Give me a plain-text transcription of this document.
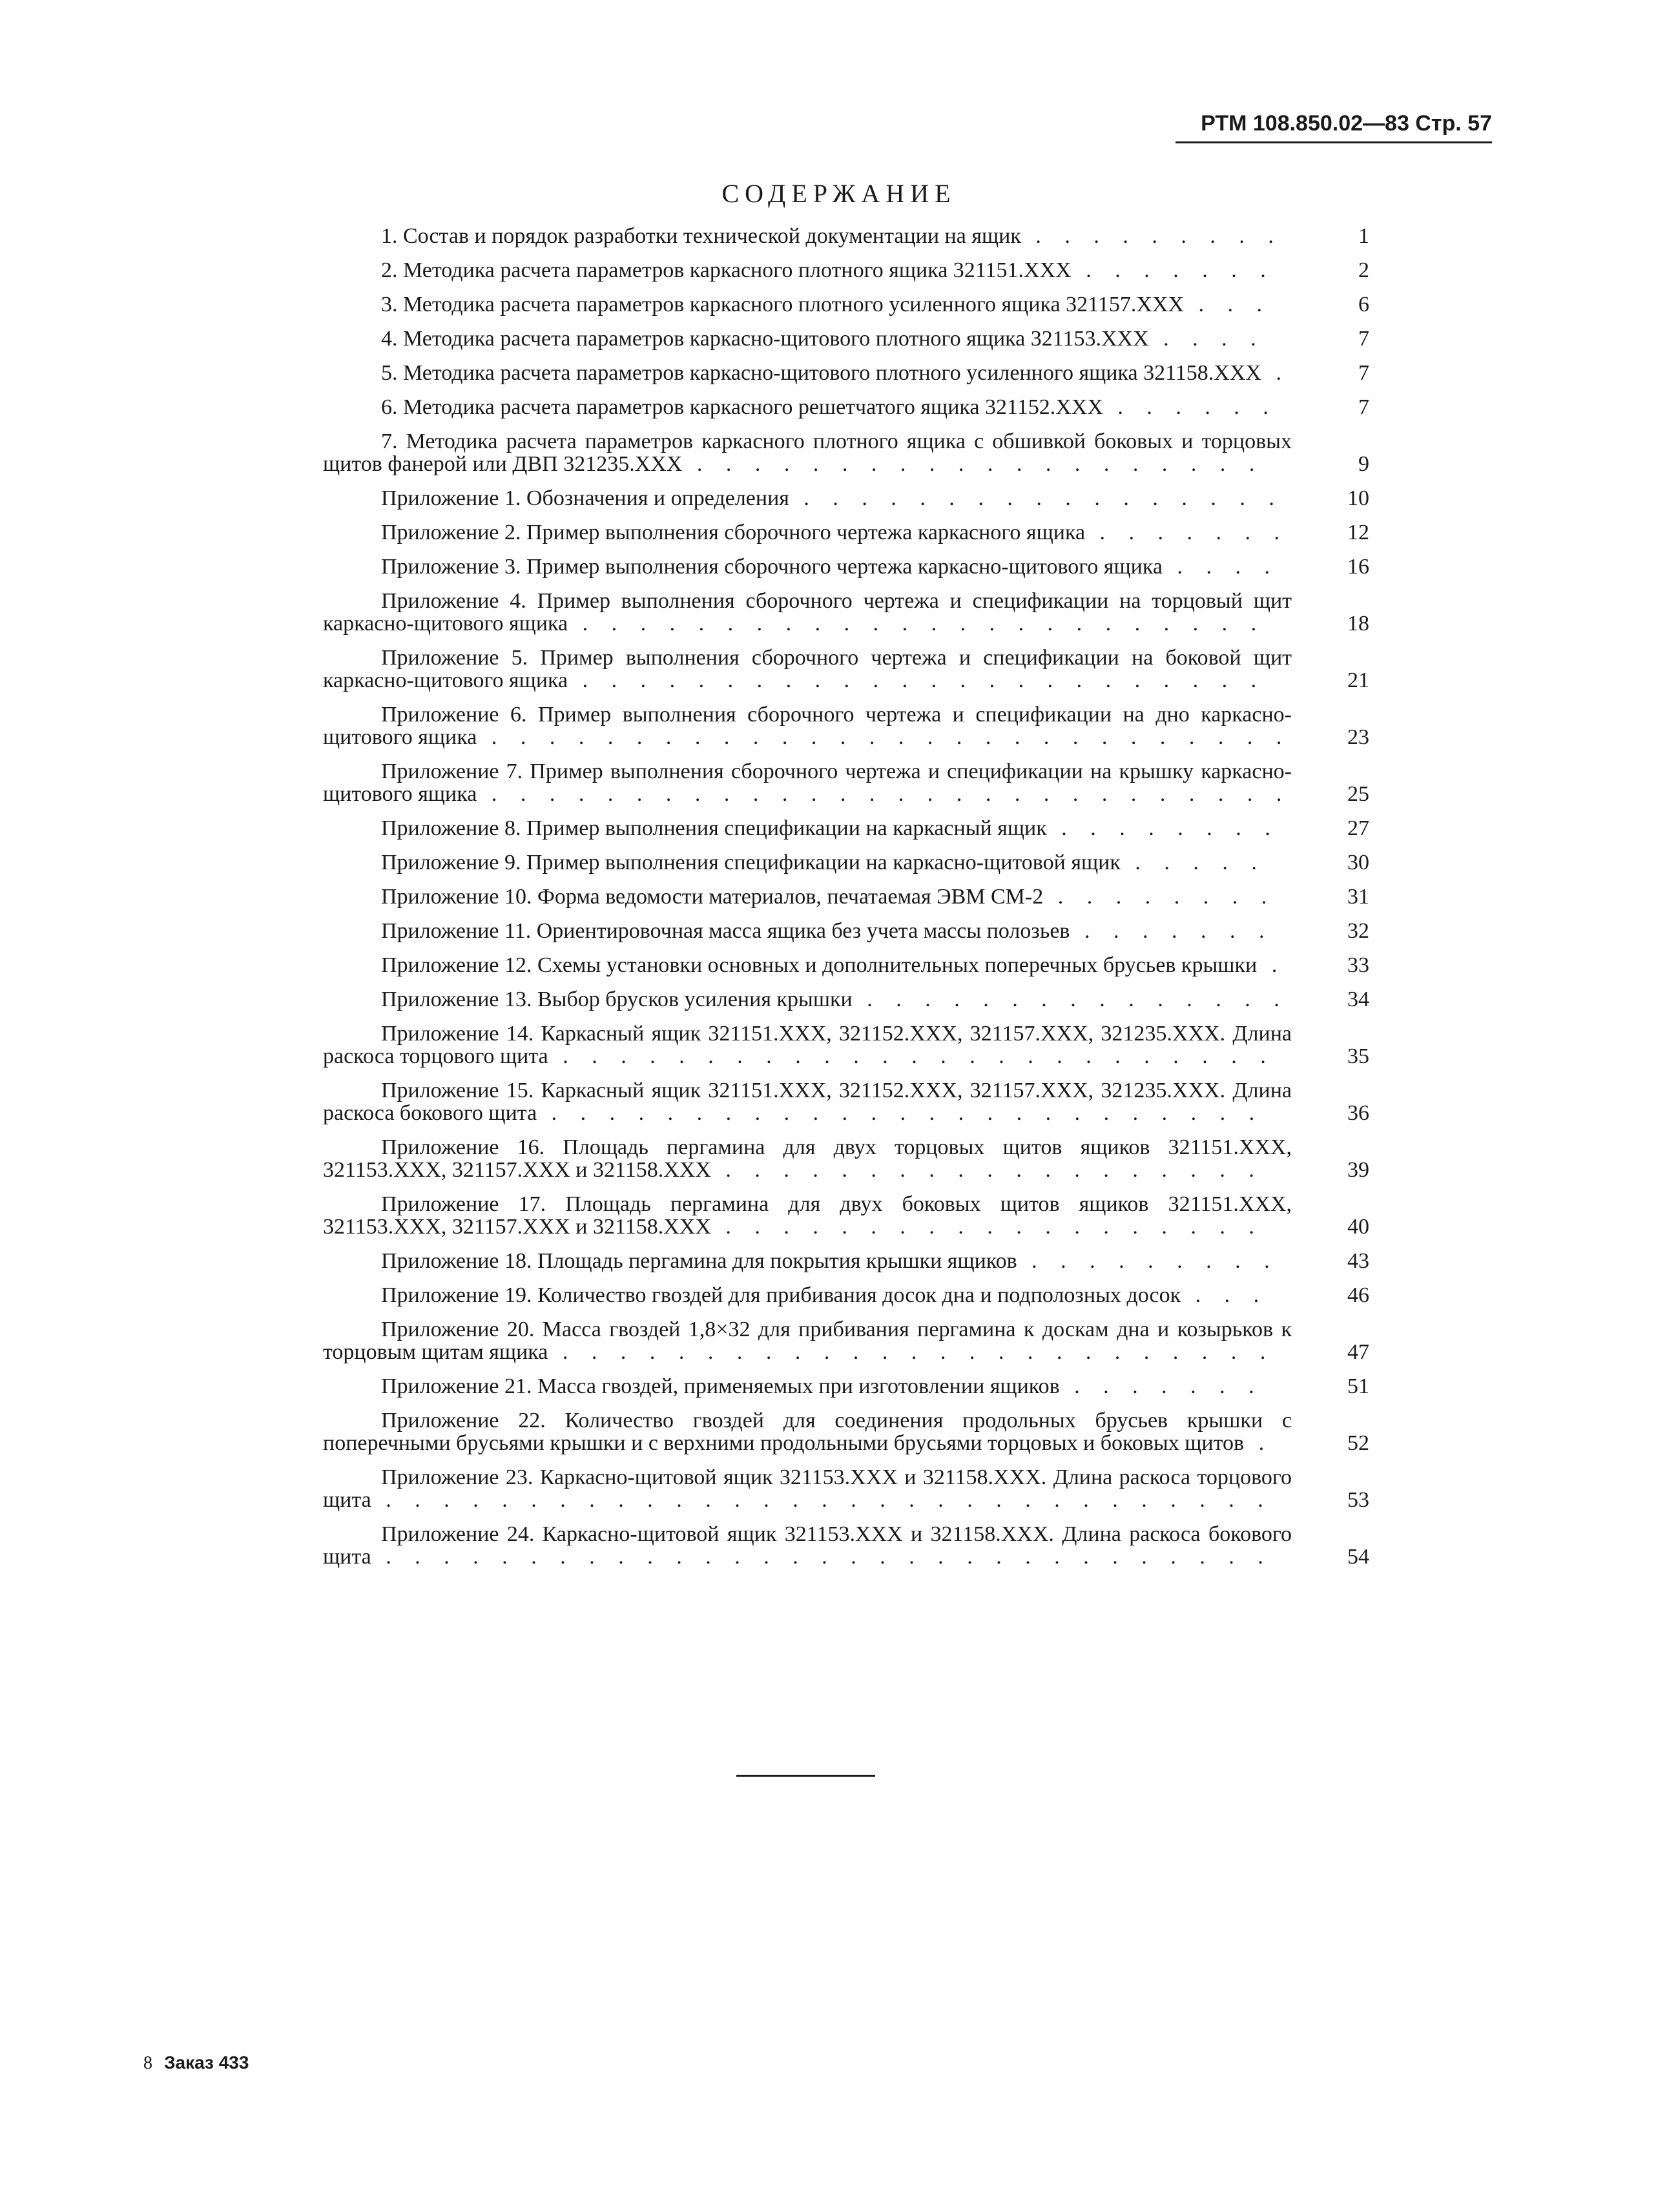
РТМ 108.850.02—83 Стр. 57
СОДЕРЖАНИЕ
1. Состав и порядок разработки технической документации на ящик . . . . . . . . .	1
2. Методика расчета параметров каркасного плотного ящика 321151.XXX . . . . . . .	2
3. Методика расчета параметров каркасного плотного усиленного ящика 321157.XXX . . .	6
4. Методика расчета параметров каркасно-щитового плотного ящика 321153.XXX . . . .	7
5. Методика расчета параметров каркасно-щитового плотного усиленного ящика 321158.XXX .	7
6. Методика расчета параметров каркасного решетчатого ящика 321152.XXX . . . . . .	7
7. Методика расчета параметров каркасного плотного ящика с обшивкой боковых и торцовых щитов фанерой или ДВП 321235.XXX . . . . . . . . . . . . . . . . . . . .	9
Приложение 1. Обозначения и определения . . . . . . . . . . . . . . . . .	10
Приложение 2. Пример выполнения сборочного чертежа каркасного ящика . . . . . . .	12
Приложение 3. Пример выполнения сборочного чертежа каркасно-щитового ящика . . . .	16
Приложение 4. Пример выполнения сборочного чертежа и спецификации на торцовый щит каркасно-щитового ящика . . . . . . . . . . . . . . . . . . . . . . . .	18
Приложение 5. Пример выполнения сборочного чертежа и спецификации на боковой щит каркасно-щитового ящика . . . . . . . . . . . . . . . . . . . . . . . .	21
Приложение 6. Пример выполнения сборочного чертежа и спецификации на дно каркасно-щитового ящика . . . . . . . . . . . . . . . . . . . . . . . . . . . .	23
Приложение 7. Пример выполнения сборочного чертежа и спецификации на крышку каркасно-щитового ящика . . . . . . . . . . . . . . . . . . . . . . . . . . . .	25
Приложение 8. Пример выполнения спецификации на каркасный ящик . . . . . . . .	27
Приложение 9. Пример выполнения спецификации на каркасно-щитовой ящик . . . . .	30
Приложение 10. Форма ведомости материалов, печатаемая ЭВМ СМ-2 . . . . . . . .	31
Приложение 11. Ориентировочная масса ящика без учета массы полозьев . . . . . . .	32
Приложение 12. Схемы установки основных и дополнительных поперечных брусьев крышки .	33
Приложение 13. Выбор брусков усиления крышки . . . . . . . . . . . . . . .	34
Приложение 14. Каркасный ящик 321151.XXX, 321152.XXX, 321157.XXX, 321235.XXX. Длина раскоса торцового щита . . . . . . . . . . . . . . . . . . . . . . . . .	35
Приложение 15. Каркасный ящик 321151.XXX, 321152.XXX, 321157.XXX, 321235.XXX. Длина раскоса бокового щита . . . . . . . . . . . . . . . . . . . . . . . . .	36
Приложение 16. Площадь пергамина для двух торцовых щитов ящиков 321151.XXX, 321153.XXX, 321157.XXX и 321158.XXX . . . . . . . . . . . . . . . . . . .	39
Приложение 17. Площадь пергамина для двух боковых щитов ящиков 321151.XXX, 321153.XXX, 321157.XXX и 321158.XXX . . . . . . . . . . . . . . . . . . .	40
Приложение 18. Площадь пергамина для покрытия крышки ящиков . . . . . . . . .	43
Приложение 19. Количество гвоздей для прибивания досок дна и подполозных досок . . .	46
Приложение 20. Масса гвоздей 1,8×32 для прибивания пергамина к доскам дна и козырьков к торцовым щитам ящика . . . . . . . . . . . . . . . . . . . . . . . . .	47
Приложение 21. Масса гвоздей, применяемых при изготовлении ящиков . . . . . . .	51
Приложение 22. Количество гвоздей для соединения продольных брусьев крышки с поперечными брусьями крышки и с верхними продольными брусьями торцовых и боковых щитов .	52
Приложение 23. Каркасно-щитовой ящик 321153.XXX и 321158.XXX. Длина раскоса торцового щита . . . . . . . . . . . . . . . . . . . . . . . . . . . . . . .	53
Приложение 24. Каркасно-щитовой ящик 321153.XXX и 321158.XXX. Длина раскоса бокового щита . . . . . . . . . . . . . . . . . . . . . . . . . . . . . . .	54
8 Заказ 433
